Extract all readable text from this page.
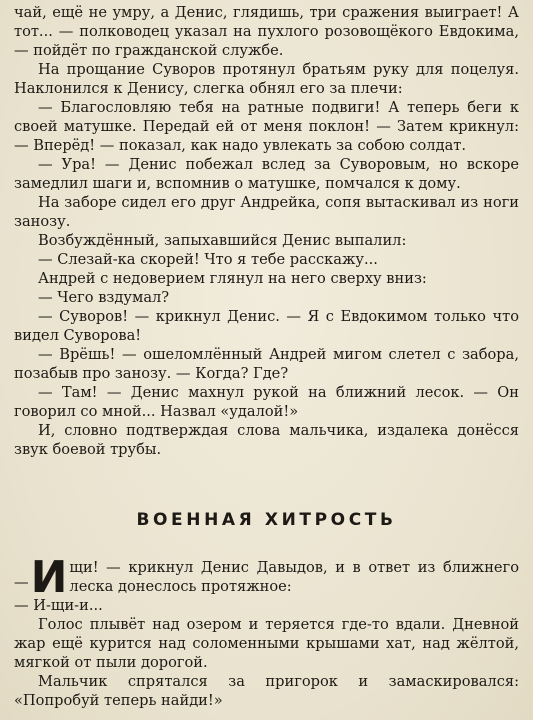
чай, ещё не умру, а Денис, глядишь, три сражения выиграет! А тот... — полководец указал на пухлого розовощёкого Евдокима, — пойдёт по гражданской службе.

На прощание Суворов протянул братьям руку для поцелуя. Наклонился к Денису, слегка обнял его за плечи:

— Благословляю тебя на ратные подвиги! А теперь беги к своей матушке. Передай ей от меня поклон! — Затем крикнул: — Вперёд! — показал, как надо увлекать за собою солдат.

— Ура! — Денис побежал вслед за Суворовым, но вскоре замедлил шаги и, вспомнив о матушке, помчался к дому.

На заборе сидел его друг Андрейка, сопя вытаскивал из ноги занозу.

Возбуждённый, запыхавшийся Денис выпалил:

— Слезай-ка скорей! Что я тебе расскажу...

Андрей с недоверием глянул на него сверху вниз:

— Чего вздумал?

— Суворов! — крикнул Денис. — Я с Евдокимом только что видел Суворова!

— Врёшь! — ошеломлённый Андрей мигом слетел с забора, позабыв про занозу. — Когда? Где?

— Там! — Денис махнул рукой на ближний лесок. — Он говорил со мной... Назвал «удалой!»

И, словно подтверждая слова мальчика, издалека донёсся звук боевой трубы.

ВОЕННАЯ ХИТРОСТЬ

— И щи! — крикнул Денис Давыдов, и в ответ из ближнего леска донеслось протяжное:

— И-щи-и...

Голос плывёт над озером и теряется где-то вдали. Дневной жар ещё курится над соломенными крышами хат, над жёлтой, мягкой от пыли дорогой.

Мальчик спрятался за пригорок и замаскировался: «Попробуй теперь найди!»
